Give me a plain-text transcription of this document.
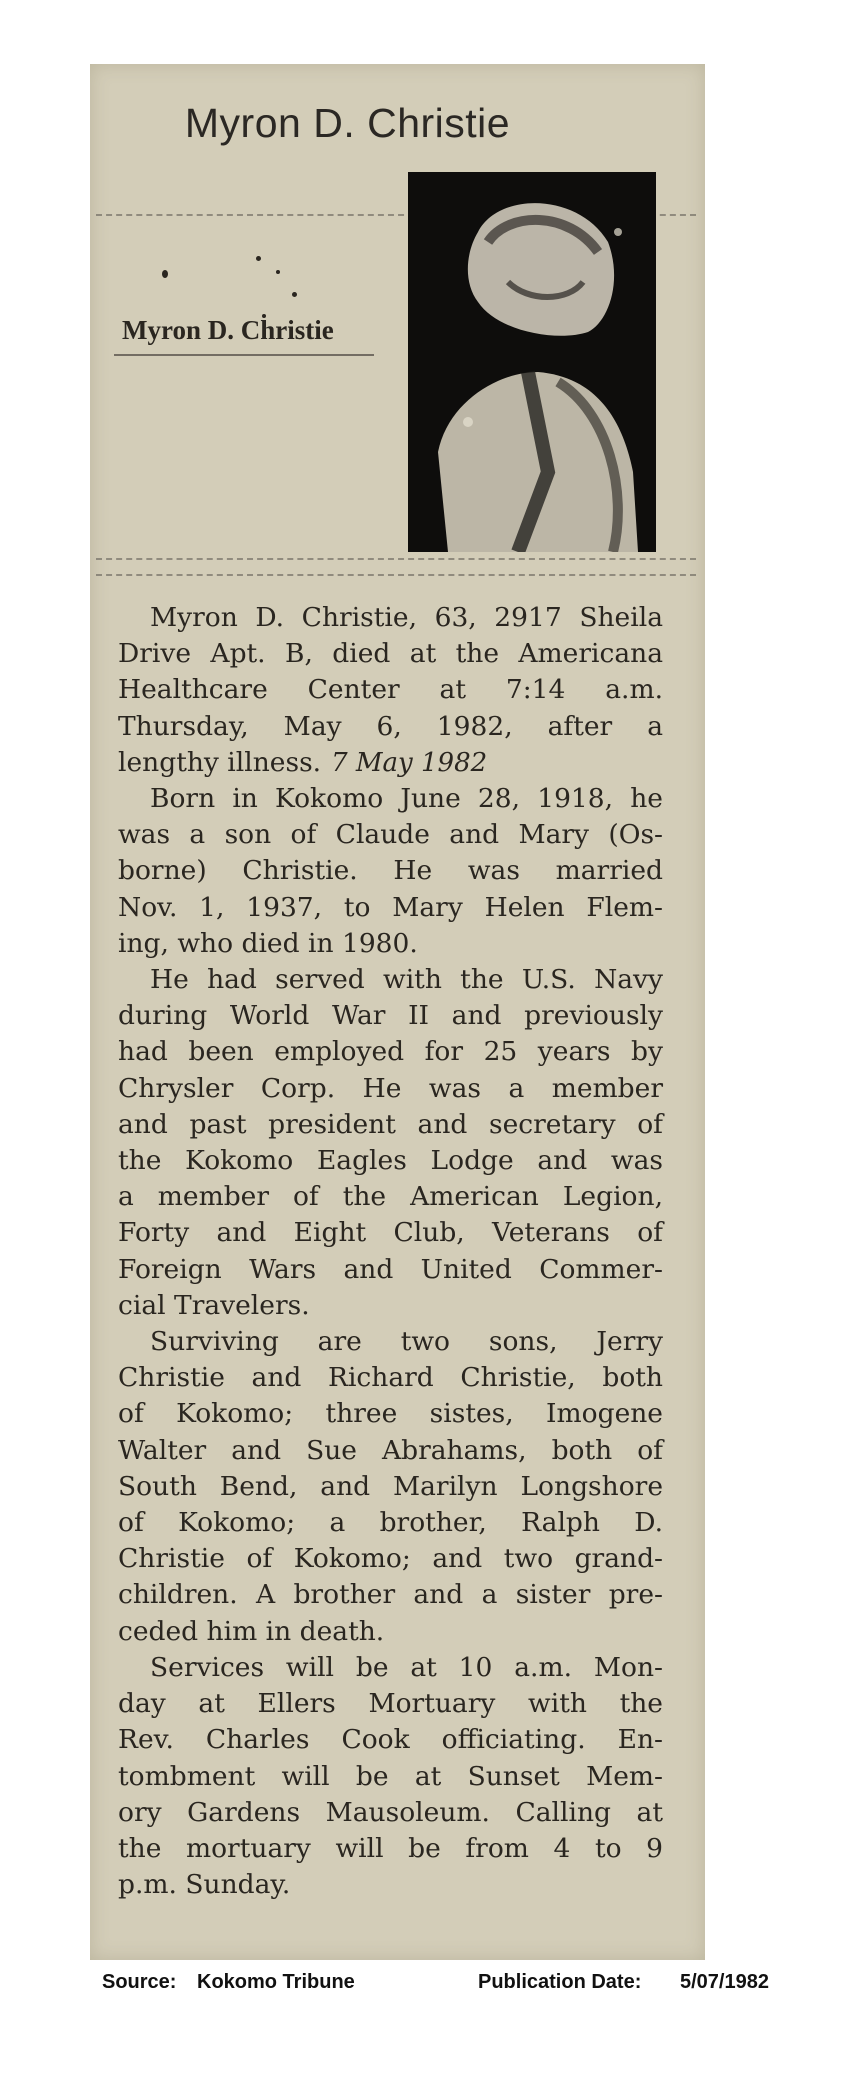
Myron D. Christie
Myron D. Christie

Myron D. Christie, 63, 2917 Sheila
Drive Apt. B, died at the Americana
Healthcare Center at 7:14 a.m.
Thursday, May 6, 1982, after a
lengthy illness. 7 May 1982

Born in Kokomo June 28, 1918, he
was a son of Claude and Mary (Os-
borne) Christie. He was married
Nov. 1, 1937, to Mary Helen Flem-
ing, who died in 1980.

He had served with the U.S. Navy
during World War II and previously
had been employed for 25 years by
Chrysler Corp. He was a member
and past president and secretary of
the Kokomo Eagles Lodge and was
a member of the American Legion,
Forty and Eight Club, Veterans of
Foreign Wars and United Commer-
cial Travelers.

Surviving are two sons, Jerry
Christie and Richard Christie, both
of Kokomo; three sistes, Imogene
Walter and Sue Abrahams, both of
South Bend, and Marilyn Longshore
of Kokomo; a brother, Ralph D.
Christie of Kokomo; and two grand-
children. A brother and a sister pre-
ceded him in death.

Services will be at 10 a.m. Mon-
day at Ellers Mortuary with the
Rev. Charles Cook officiating. En-
tombment will be at Sunset Mem-
ory Gardens Mausoleum. Calling at
the mortuary will be from 4 to 9
p.m. Sunday.

Source: Kokomo Tribune	Publication Date: 5/07/1982
